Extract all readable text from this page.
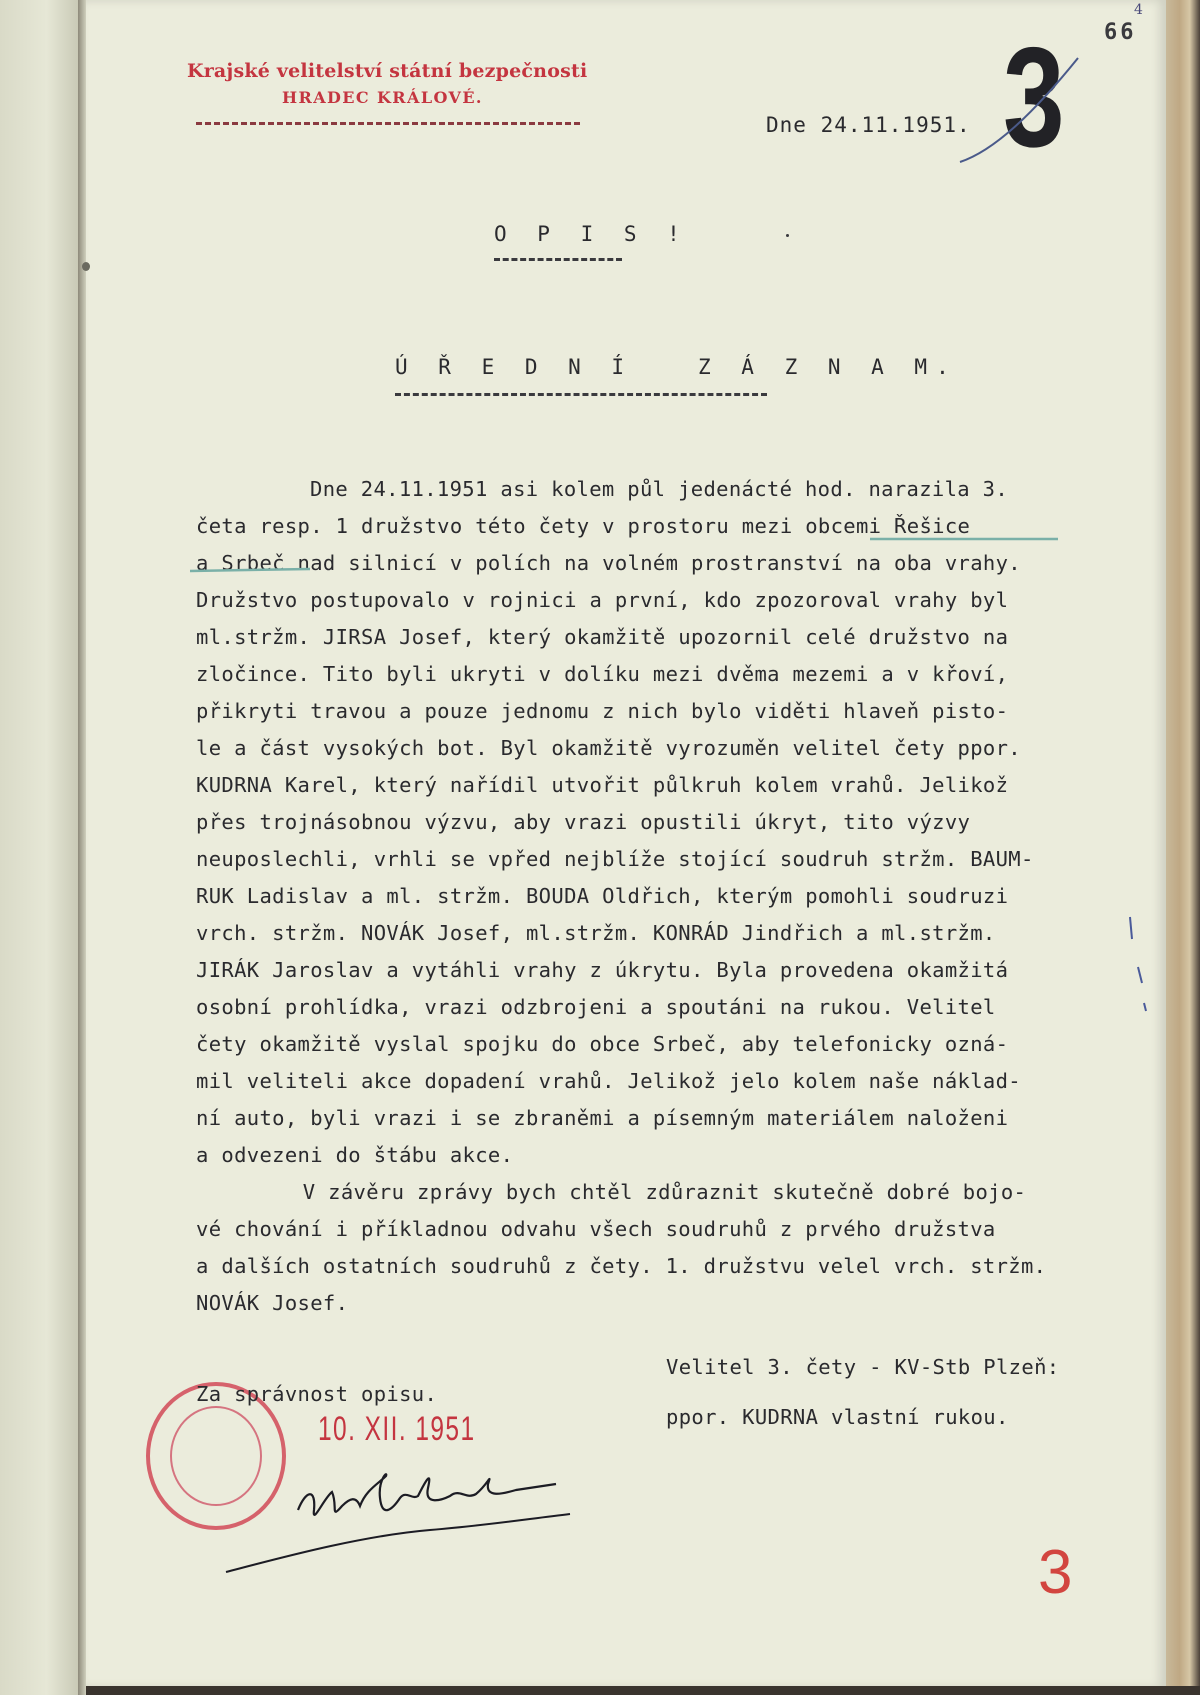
Krajské velitelství státní bezpečnosti
HRADEC KRÁLOVÉ.
Dne 24.11.1951. 3 66
4
O P I S !
Ú Ř E D N Í   Z Á Z N A M.
Dne 24.11.1951 asi kolem půl jedenácté hod. narazila 3.
četa resp. 1 družstvo této čety v prostoru mezi obcemi Řešice
a Srbeč nad silnicí v polích na volném prostranství na oba vrahy.
Družstvo postupovalo v rojnici a první, kdo zpozoroval vrahy byl
ml.stržm. JIRSA Josef, který okamžitě upozornil celé družstvo na
zločince. Tito byli ukryti v dolíku mezi dvěma mezemi a v křoví,
přikryti travou a pouze jednomu z nich bylo viděti hlaveň pisto-
le a část vysokých bot. Byl okamžitě vyrozuměn velitel čety ppor.
KUDRNA Karel, který nařídil utvořit půlkruh kolem vrahů. Jelikož
přes trojnásobnou výzvu, aby vrazi opustili úkryt, tito výzvy
neuposlechli, vrhli se vpřed nejblíže stojící soudruh stržm. BAUM-
RUK Ladislav a ml. stržm. BOUDA Oldřich, kterým pomohli soudruzi
vrch. stržm. NOVÁK Josef, ml.stržm. KONRÁD Jindřich a ml.stržm.
JIRÁK Jaroslav a vytáhli vrahy z úkrytu. Byla provedena okamžitá
osobní prohlídka, vrazi odzbrojeni a spoutáni na rukou. Velitel
čety okamžitě vyslal spojku do obce Srbeč, aby telefonicky ozná-
mil veliteli akce dopadení vrahů. Jelikož jelo kolem naše náklad-
ní auto, byli vrazi i se zbraněmi a písemným materiálem naloženi
a odvezeni do štábu akce.
V závěru zprávy bych chtěl zdůraznit skutečně dobré bojo-
vé chování i příkladnou odvahu všech soudruhů z prvého družstva
a dalších ostatních soudruhů z čety. 1. družstvu velel vrch. stržm.
NOVÁK Josef.
Velitel 3. čety - KV-Stb Plzeň:
ppor. KUDRNA vlastní rukou.
Za správnost opisu.
10. XII. 1951
3
